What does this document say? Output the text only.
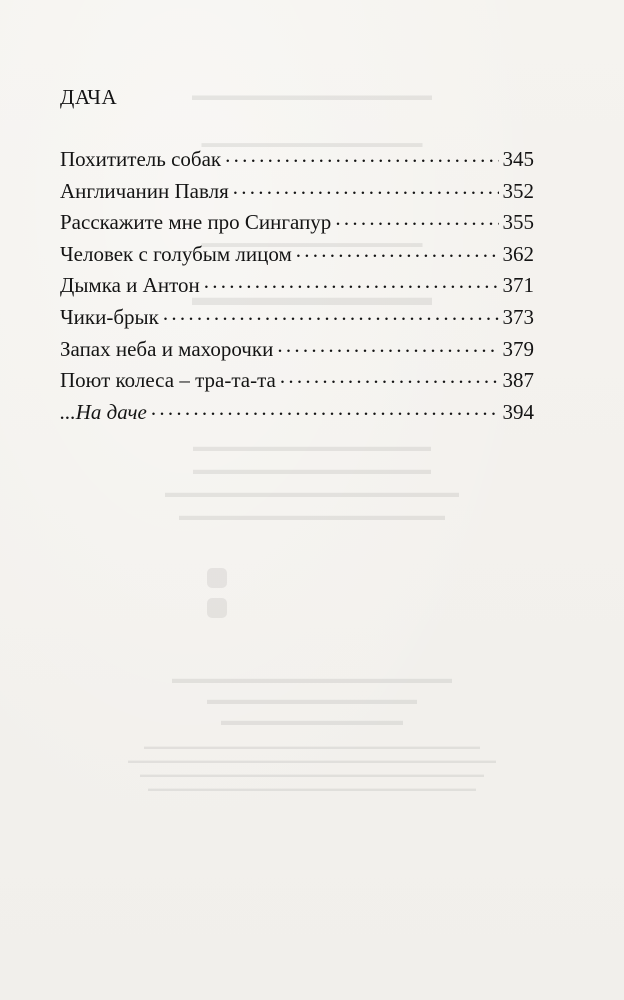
▬▬▬▬▬▬▬▬▬▬▬▬▬▬▬▬
▬▬▬▬▬▬▬▬▬▬▬▬▬▬▬▬▬
▬▬▬▬▬▬▬▬▬▬▬▬▬▬▬▬▬
▬▬▬▬▬▬▬▬▬▬
▬▬▬▬▬▬▬▬▬▬▬▬▬▬▬▬▬
▬▬▬▬▬▬▬▬▬▬▬▬▬▬▬▬▬
▬▬▬▬▬▬▬▬▬▬▬▬▬▬▬▬▬▬▬▬▬
▬▬▬▬▬▬▬▬▬▬▬▬▬▬▬▬▬▬▬
▬▬▬▬▬▬▬▬▬▬▬▬▬▬▬▬▬▬▬▬
▬▬▬▬▬▬▬▬▬▬▬▬▬▬▬
▬▬▬▬▬▬▬▬▬▬▬▬▬
▬▬▬▬▬▬▬▬▬▬▬▬▬▬▬▬▬▬▬▬▬▬▬▬▬▬▬▬▬▬▬▬▬▬▬▬▬▬▬▬▬▬
▬▬▬▬▬▬▬▬▬▬▬▬▬▬▬▬▬▬▬▬▬▬▬▬▬▬▬▬▬▬▬▬▬▬▬▬▬▬▬▬▬▬▬▬▬▬
▬▬▬▬▬▬▬▬▬▬▬▬▬▬▬▬▬▬▬▬▬▬▬▬▬▬▬▬▬▬▬▬▬▬▬▬▬▬▬▬▬▬▬
▬▬▬▬▬▬▬▬▬▬▬▬▬▬▬▬▬▬▬▬▬▬▬▬▬▬▬▬▬▬▬▬▬▬▬▬▬▬▬▬▬
ДАЧА
Похититель собак . . .	345
Англичанин Павля . . .	352
Расскажите мне про Сингапур . . .	355
Человек с голубым лицом . . .	362
Дымка и Антон . . .	371
Чики-брык . . .	373
Запах неба и махорочки . . .	379
Поют колеса – тра-та-та . . .	387
...На даче . . .	394
